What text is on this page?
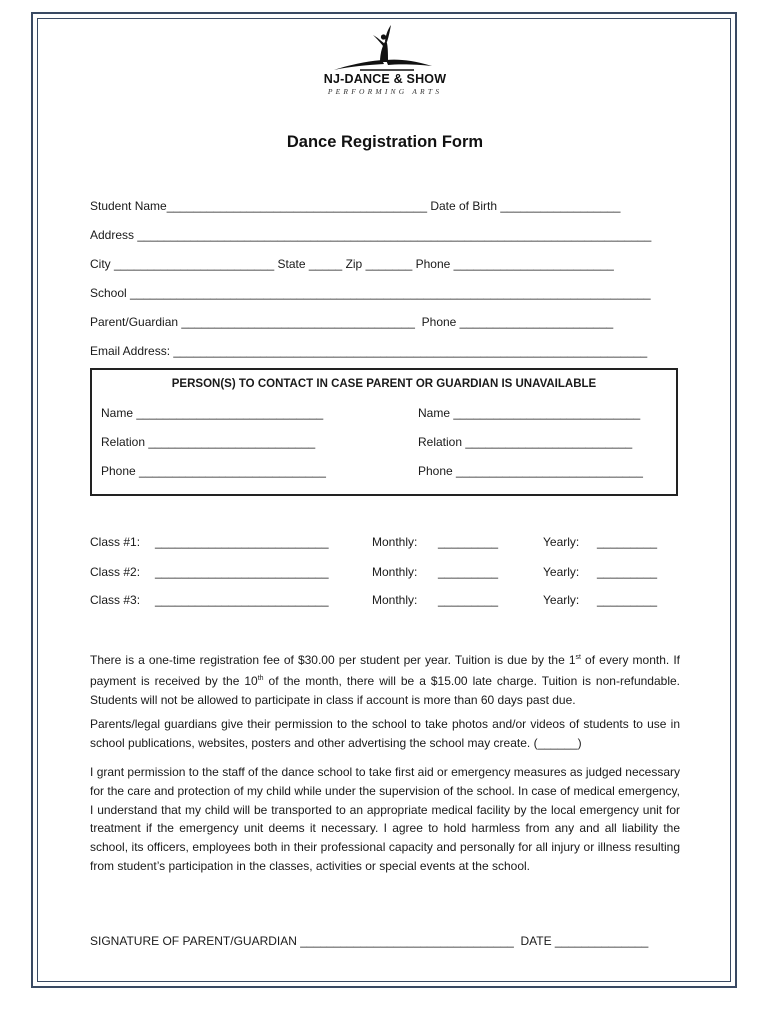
NJ-DANCE & SHOW
PERFORMING ARTS
Dance Registration Form
Student Name_______________________________________ Date of Birth __________________
Address _____________________________________________________________________________
City ________________________ State _____ Zip _______ Phone ________________________
School ______________________________________________________________________________
Parent/Guardian ___________________________________  Phone _______________________
Email Address: _______________________________________________________________________
PERSON(S) TO CONTACT IN CASE PARENT OR GUARDIAN IS UNAVAILABLE
Name ____________________________
Relation _________________________
Phone ____________________________
Name ____________________________
Relation _________________________
Phone ____________________________
Class #1: __________________________	Monthly: _________	Yearly: _________
Class #2: __________________________	Monthly: _________	Yearly: _________
Class #3: __________________________	Monthly: _________	Yearly: _________
There is a one-time registration fee of $30.00 per student per year. Tuition is due by the 1st of every month. If payment is received by the 10th of the month, there will be a $15.00 late charge. Tuition is non-refundable. Students will not be allowed to participate in class if account is more than 60 days past due.
Parents/legal guardians give their permission to the school to take photos and/or videos of students to use in school publications, websites, posters and other advertising the school may create. (______)
I grant permission to the staff of the dance school to take first aid or emergency measures as judged necessary for the care and protection of my child while under the supervision of the school. In case of medical emergency, I understand that my child will be transported to an appropriate medical facility by the local emergency unit for treatment if the emergency unit deems it necessary. I agree to hold harmless from any and all liability the school, its officers, employees both in their professional capacity and personally for all injury or illness resulting from student’s participation in the classes, activities or special events at the school.
SIGNATURE OF PARENT/GUARDIAN ________________________________  DATE ______________
